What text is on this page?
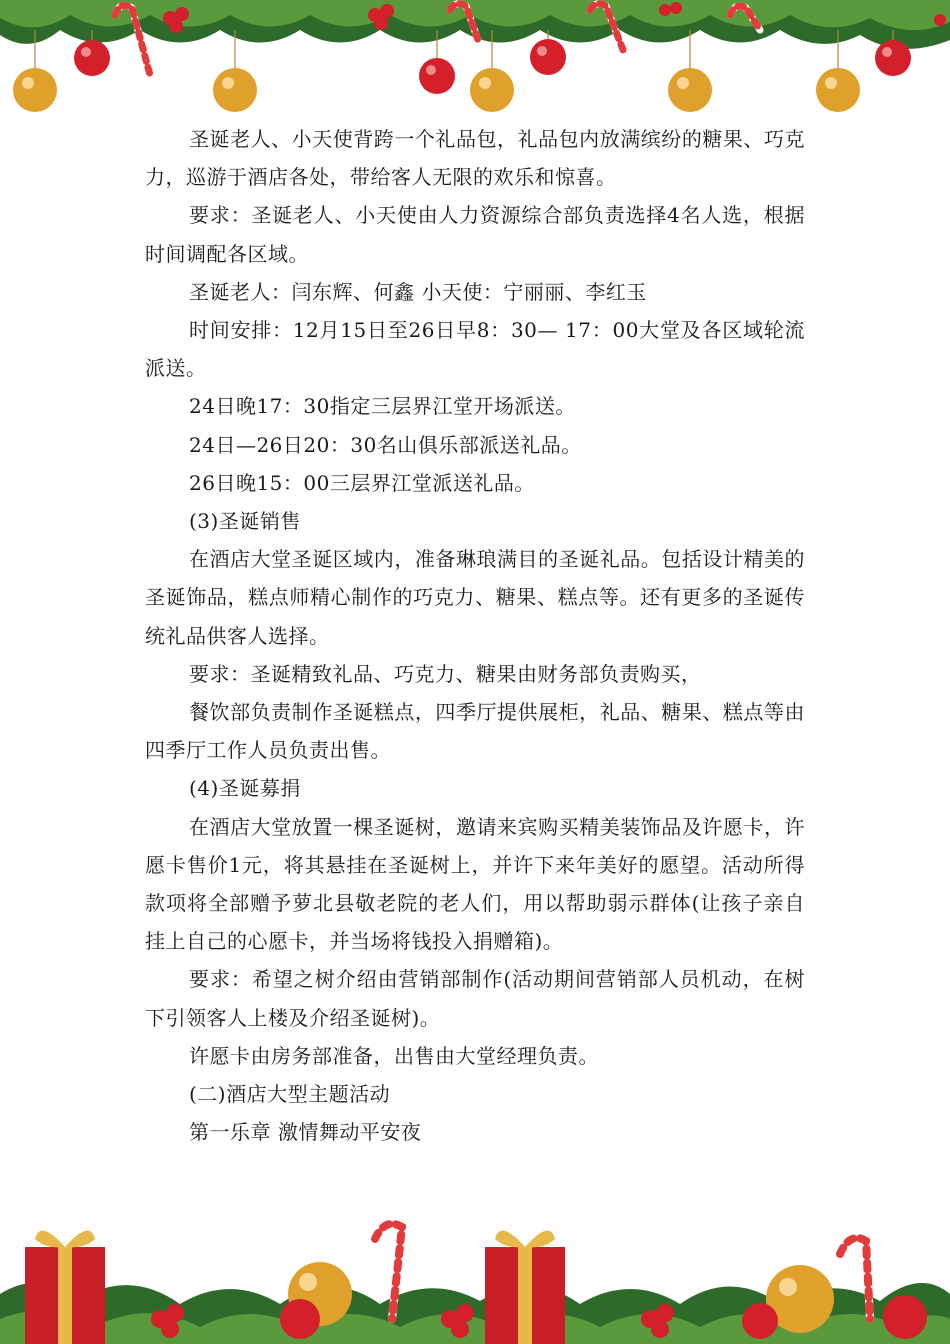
圣诞老人、小天使背跨一个礼品包，礼品包内放满缤纷的糖果、巧克力，巡游于酒店各处，带给客人无限的欢乐和惊喜。

要求：圣诞老人、小天使由人力资源综合部负责选择4名人选，根据时间调配各区域。

圣诞老人：闫东辉、何鑫 小天使：宁丽丽、李红玉

时间安排：12月15日至26日早8：30— 17：00大堂及各区域轮流派送。

24日晚17：30指定三层界江堂开场派送。

24日—26日20：30名山俱乐部派送礼品。

26日晚15：00三层界江堂派送礼品。

(3)圣诞销售

在酒店大堂圣诞区域内，准备琳琅满目的圣诞礼品。包括设计精美的圣诞饰品，糕点师精心制作的巧克力、糖果、糕点等。还有更多的圣诞传统礼品供客人选择。

要求：圣诞精致礼品、巧克力、糖果由财务部负责购买，

餐饮部负责制作圣诞糕点，四季厅提供展柜，礼品、糖果、糕点等由四季厅工作人员负责出售。

(4)圣诞募捐

在酒店大堂放置一棵圣诞树，邀请来宾购买精美装饰品及许愿卡，许愿卡售价1元，将其悬挂在圣诞树上，并许下来年美好的愿望。活动所得款项将全部赠予萝北县敬老院的老人们，用以帮助弱示群体(让孩子亲自挂上自己的心愿卡，并当场将钱投入捐赠箱)。

要求：希望之树介绍由营销部制作(活动期间营销部人员机动，在树下引领客人上楼及介绍圣诞树)。

许愿卡由房务部准备，出售由大堂经理负责。

(二)酒店大型主题活动

第一乐章 激情舞动平安夜
